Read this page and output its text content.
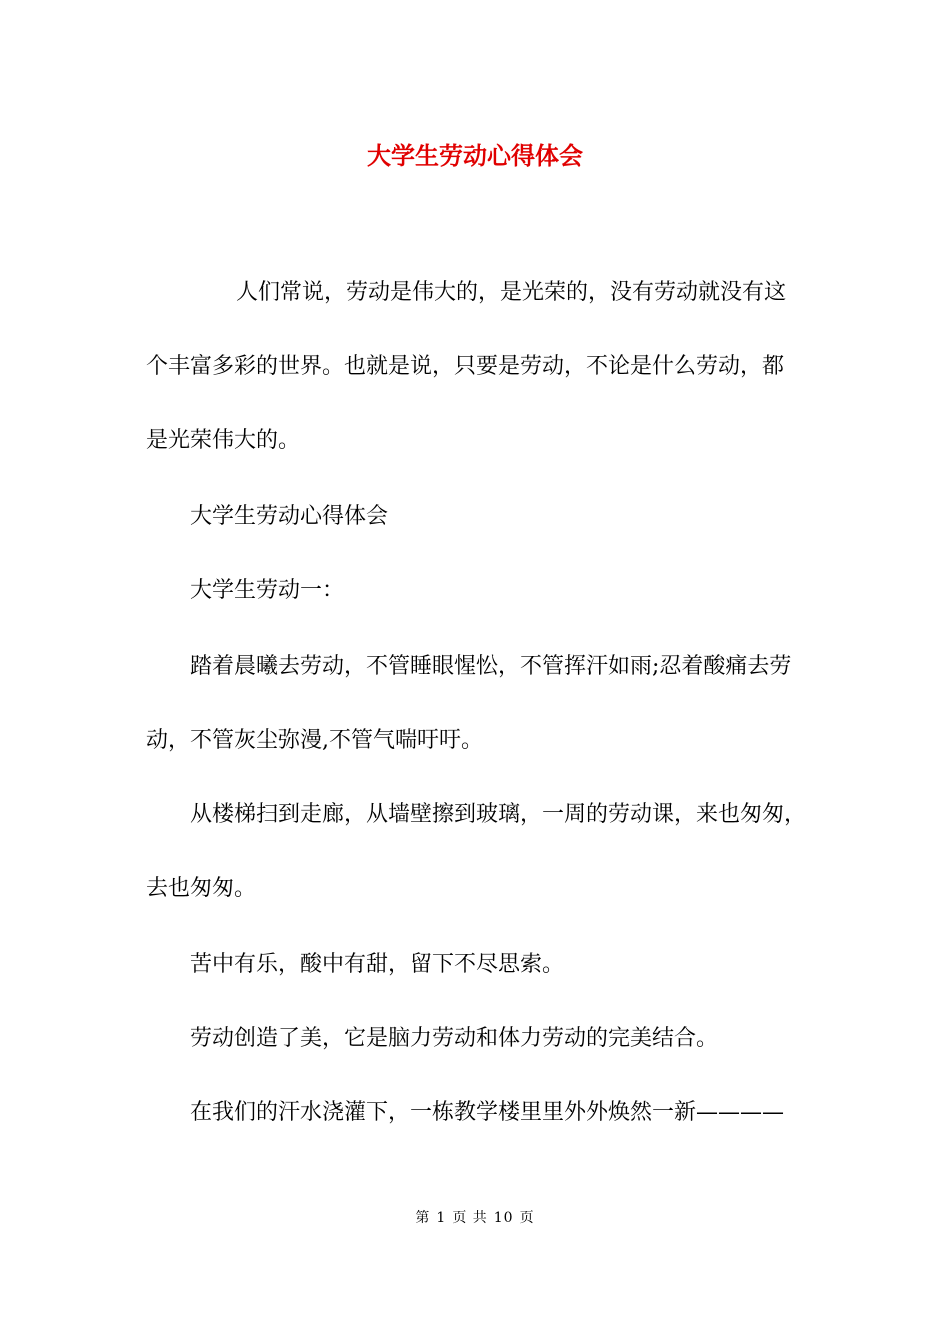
大学生劳动心得体会
人们常说，劳动是伟大的，是光荣的，没有劳动就没有这
个丰富多彩的世界。也就是说，只要是劳动，不论是什么劳动，都
是光荣伟大的。
大学生劳动心得体会
大学生劳动一：
踏着晨曦去劳动，不管睡眼惺忪，不管挥汗如雨;忍着酸痛去劳
动，不管灰尘弥漫,不管气喘吁吁。
从楼梯扫到走廊，从墙壁擦到玻璃，一周的劳动课，来也匆匆，
去也匆匆。
苦中有乐，酸中有甜，留下不尽思索。
劳动创造了美，它是脑力劳动和体力劳动的完美结合。
在我们的汗水浇灌下，一栋教学楼里里外外焕然一新————
第 1 页 共 10 页
